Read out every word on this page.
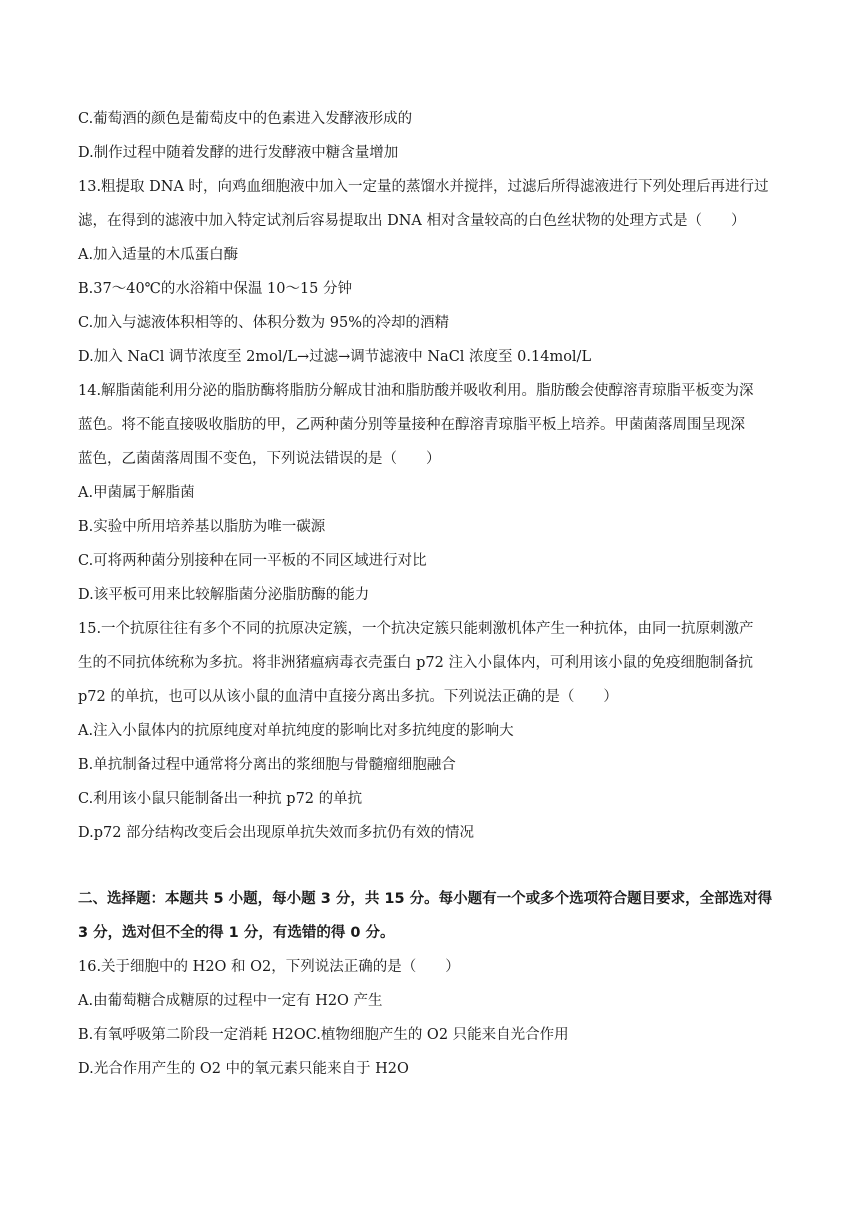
C.葡萄酒的颜色是葡萄皮中的色素进入发酵液形成的
D.制作过程中随着发酵的进行发酵液中糖含量增加
13.粗提取 DNA 时，向鸡血细胞液中加入一定量的蒸馏水并搅拌，过滤后所得滤液进行下列处理后再进行过
滤，在得到的滤液中加入特定试剂后容易提取出 DNA 相对含量较高的白色丝状物的处理方式是（　　）
A.加入适量的木瓜蛋白酶
B.37～40℃的水浴箱中保温 10～15 分钟
C.加入与滤液体积相等的、体积分数为 95%的冷却的酒精
D.加入 NaCl 调节浓度至 2mol/L→过滤→调节滤液中 NaCl 浓度至 0.14mol/L
14.解脂菌能利用分泌的脂肪酶将脂肪分解成甘油和脂肪酸并吸收利用。脂肪酸会使醇溶青琼脂平板变为深
蓝色。将不能直接吸收脂肪的甲，乙两种菌分别等量接种在醇溶青琼脂平板上培养。甲菌菌落周围呈现深
蓝色，乙菌菌落周围不变色，下列说法错误的是（　　）
A.甲菌属于解脂菌
B.实验中所用培养基以脂肪为唯一碳源
C.可将两种菌分别接种在同一平板的不同区域进行对比
D.该平板可用来比较解脂菌分泌脂肪酶的能力
15.一个抗原往往有多个不同的抗原决定簇，一个抗决定簇只能刺激机体产生一种抗体，由同一抗原刺激产
生的不同抗体统称为多抗。将非洲猪瘟病毒衣壳蛋白 p72 注入小鼠体内，可利用该小鼠的免疫细胞制备抗
p72 的单抗，也可以从该小鼠的血清中直接分离出多抗。下列说法正确的是（　　）
A.注入小鼠体内的抗原纯度对单抗纯度的影响比对多抗纯度的影响大
B.单抗制备过程中通常将分离出的浆细胞与骨髓瘤细胞融合
C.利用该小鼠只能制备出一种抗 p72 的单抗
D.p72 部分结构改变后会出现原单抗失效而多抗仍有效的情况
二、选择题：本题共 5 小题，每小题 3 分，共 15 分。每小题有一个或多个选项符合题目要求，全部选对得
3 分，选对但不全的得 1 分，有选错的得 0 分。
16.关于细胞中的 H2O 和 O2，下列说法正确的是（　　）
A.由葡萄糖合成糖原的过程中一定有 H2O 产生
B.有氧呼吸第二阶段一定消耗 H2OC.植物细胞产生的 O2 只能来自光合作用
D.光合作用产生的 O2 中的氧元素只能来自于 H2O
